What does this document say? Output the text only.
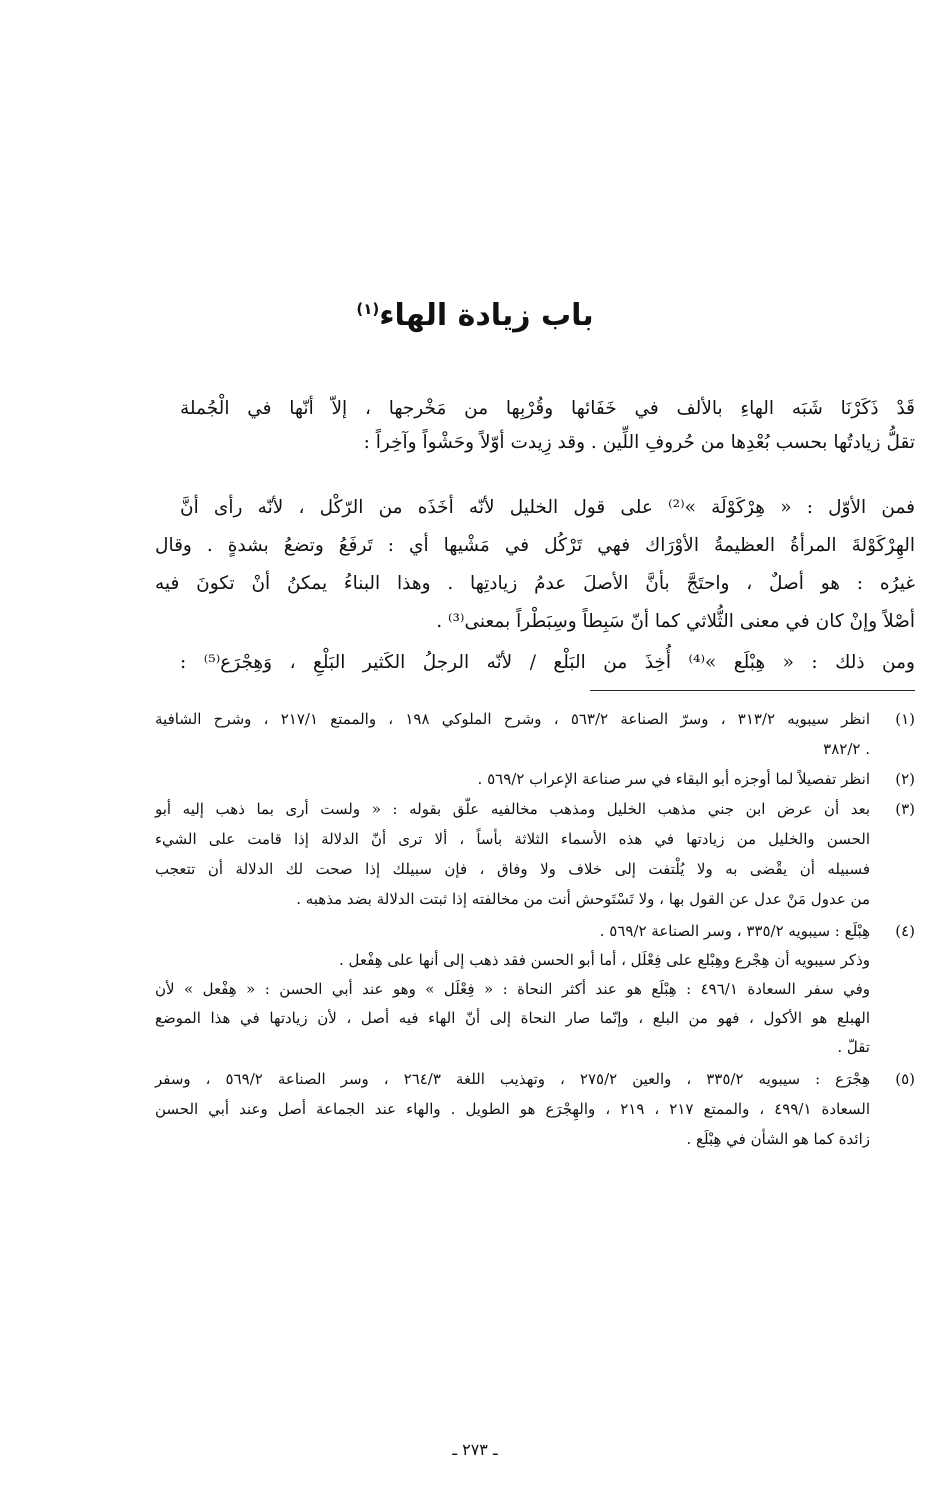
باب زيادة الهاء$^{(١)}$
قَدْ ذَكَرْنَا شَبَه الهاءِ بالألف في خَفَائها وقُرْبِها من مَخْرجها ، إلاّ أنّها في الْجُملة
تقلُّ زيادتُها بحسب بُعْدِها من حُروفِ اللِّين . وقد زِيدت أوّلاً وحَشْواً وآخِراً :
فمن الأوّل : « هِرْكَوْلَة »⁽²⁾ على قول الخليل لأنّه أخَذَه من الرّكْل ، لأنّه رأى أنَّ
الهِرْكَوْلةَ المرأةُ العظيمةُ الأوْرَاك فهي تَرْكُل في مَشْيها أي : تَرفَعُ وتضعُ بشدةٍ . وقال
غيرُه : هو أصلٌ ، واحتَجَّ بأنَّ الأصلَ عدمُ زيادتِها . وهذا البناءُ يمكنُ أنْ تكونَ فيه
أصْلاً وإنْ كان في معنى الثُّلاثي كما أنّ سَبِطاً وسِبَطْراً بمعنى⁽³⁾ .
ومن ذلك : « هِبْلَع »⁽⁴⁾ أُخِذَ من البَلْع / لأنّه الرجلُ الكَثير البَلْعِ ، وَهِجْرَع⁽⁵⁾ :
(١)
انظر سيبويه ٣١٣/٢ ، وسرّ الصناعة ٥٦٣/٢ ، وشرح الملوكي ١٩٨ ، والممتع ٢١٧/١ ، وشرح الشافية
. ٣٨٢/٢
(٢)
انظر تفصيلاً لما أوجزه أبو البقاء في سر صناعة الإعراب ٥٦٩/٢ .
(٣)
بعد أن عرض ابن جني مذهب الخليل ومذهب مخالفيه علّق بقوله : « ولست أرى بما ذهب إليه أبو
الحسن والخليل من زيادتها في هذه الأسماء الثلاثة بأساً ، ألا ترى أنّ الدلالة إذا قامت على الشيء
فسبيله أن يقْضى به ولا يُلْتفت إلى خلاف ولا وفاق ، فإن سبيلك إذا صحت لك الدلالة أن تتعجب
من عدول مَنْ عدل عن القول بها ، ولا تَسْتَوحش أنت من مخالفته إذا ثبتت الدلالة بضد مذهبه .
(٤)
هِبْلَع : سيبويه ٣٣٥/٢ ، وسر الصناعة ٥٦٩/٢ .
وذكر سيبويه أن هِجْرع وهِبْلع على فِعْلَل ، أما أبو الحسن فقد ذهب إلى أنها على هِفْعل .
وفي سفر السعادة ٤٩٦/١ : هِبْلَع هو عند أكثر النحاة : « فِعْلَل » وهو عند أبي الحسن : « هِفْعل » لأن
الهبلع هو الأكول ، فهو من البلع ، وإنّما صار النحاة إلى أنّ الهاء فيه أصل ، لأن زيادتها في هذا الموضع
تقلّ .
(٥)
هِجْرَع : سيبويه ٣٣٥/٢ ، والعين ٢٧٥/٢ ، وتهذيب اللغة ٢٦٤/٣ ، وسر الصناعة ٥٦٩/٢ ، وسفر
السعادة ٤٩٩/١ ، والممتع ٢١٧ ، ٢١٩ ، والهِجْرَع هو الطويل . والهاء عند الجماعة أصل وعند أبي الحسن
زائدة كما هو الشأن في هِبْلَع .
ـ ٢٧٣ ـ
